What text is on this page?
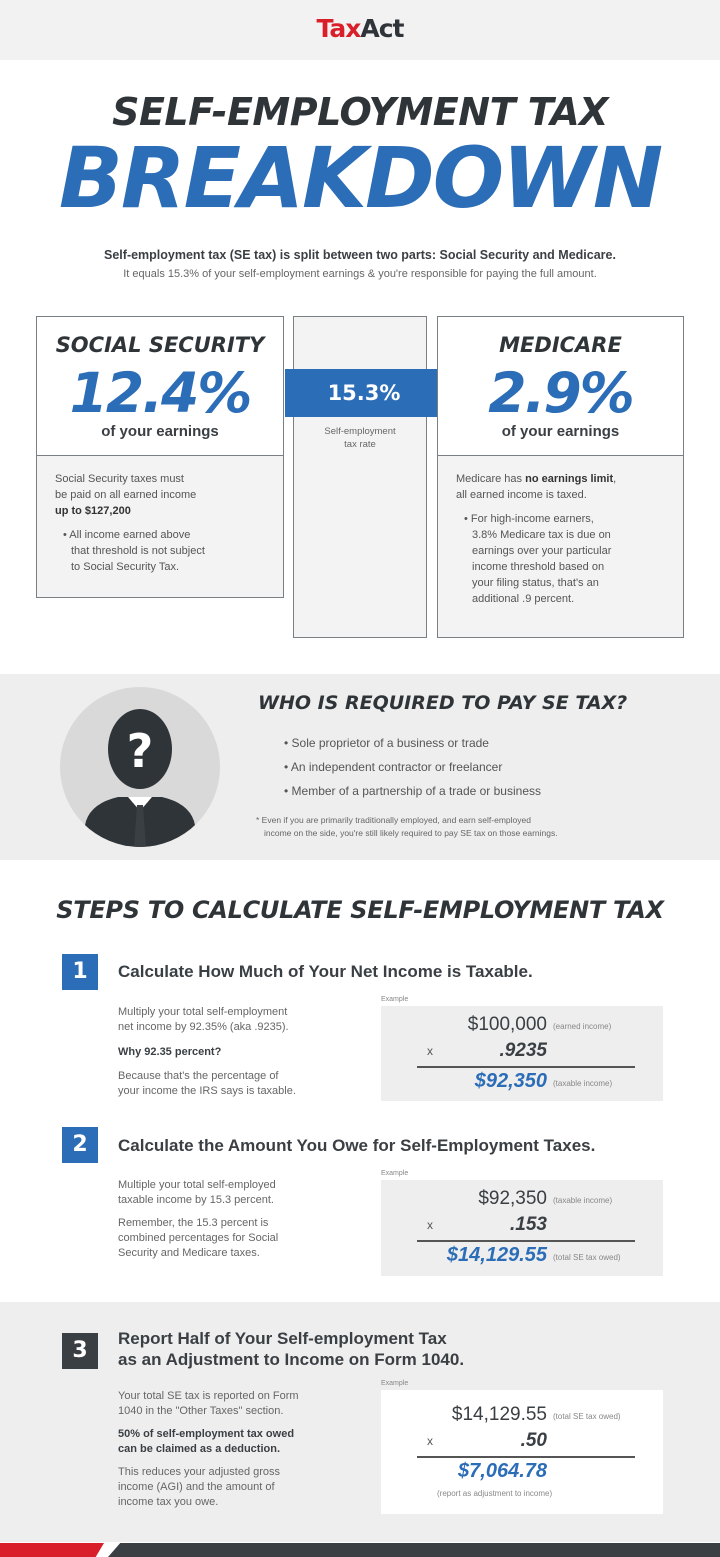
TaxAct
SELF-EMPLOYMENT TAX
BREAKDOWN
Self-employment tax (SE tax) is split between two parts: Social Security and Medicare.
It equals 15.3% of your self-employment earnings & you're responsible for paying the full amount.
SOCIAL SECURITY
12.4%
of your earnings
Social Security taxes must
be paid on all earned income
up to $127,200
• All income earned above
that threshold is not subject
to Social Security Tax.
15.3%
Self-employment
tax rate
MEDICARE
2.9%
of your earnings
Medicare has no earnings limit,
all earned income is taxed.
• For high-income earners,
3.8% Medicare tax is due on
earnings over your particular
income threshold based on
your filing status, that's an
additional .9 percent.
?
WHO IS REQUIRED TO PAY SE TAX?
• Sole proprietor of a business or trade
• An independent contractor or freelancer
• Member of a partnership of a trade or business
* Even if you are primarily traditionally employed, and earn self-employed
income on the side, you're still likely required to pay SE tax on those earnings.
STEPS TO CALCULATE SELF-EMPLOYMENT TAX
1	Calculate How Much of Your Net Income is Taxable.
Multiply your total self-employment
net income by 92.35% (aka .9235).
Why 92.35 percent?
Because that's the percentage of
your income the IRS says is taxable.
Example
$100,000 (earned income)
x	.9235
$92,350 (taxable income)
2	Calculate the Amount You Owe for Self-Employment Taxes.
Multiple your total self-employed
taxable income by 15.3 percent.
Remember, the 15.3 percent is
combined percentages for Social
Security and Medicare taxes.
Example
$92,350 (taxable income)
x	.153
$14,129.55 (total SE tax owed)
3	Report Half of Your Self-employment Tax
as an Adjustment to Income on Form 1040.
Your total SE tax is reported on Form
1040 in the "Other Taxes" section.
50% of self-employment tax owed
can be claimed as a deduction.
This reduces your adjusted gross
income (AGI) and the amount of
income tax you owe.
Example
$14,129.55 (total SE tax owed)
x	.50
$7,064.78
(report as adjustment to income)
